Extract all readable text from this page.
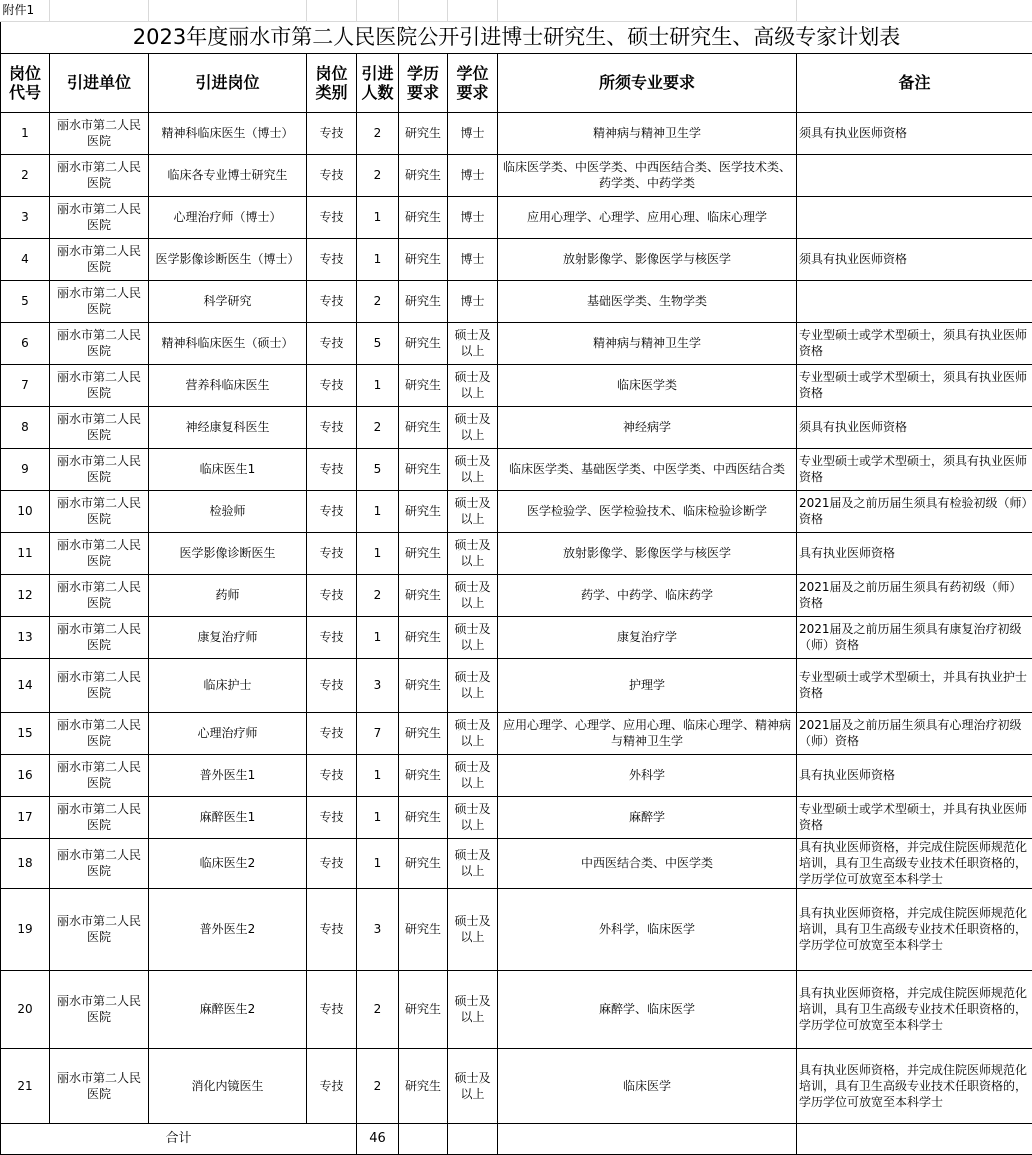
附件1								
2023年度丽水市第二人民医院公开引进博士研究生、硕士研究生、高级专家计划表								
岗位代号	引进单位	引进岗位	岗位类别	引进人数	学历要求	学位要求	所须专业要求	备注
1	丽水市第二人民医院	精神科临床医生（博士）	专技	2	研究生	博士	精神病与精神卫生学	须具有执业医师资格
2	丽水市第二人民医院	临床各专业博士研究生	专技	2	研究生	博士	临床医学类、中医学类、中西医结合类、医学技术类、药学类、中药学类	
3	丽水市第二人民医院	心理治疗师（博士）	专技	1	研究生	博士	应用心理学、心理学、应用心理、临床心理学	
4	丽水市第二人民医院	医学影像诊断医生（博士）	专技	1	研究生	博士	放射影像学、影像医学与核医学	须具有执业医师资格
5	丽水市第二人民医院	科学研究	专技	2	研究生	博士	基础医学类、生物学类	
6	丽水市第二人民医院	精神科临床医生（硕士）	专技	5	研究生	硕士及以上	精神病与精神卫生学	专业型硕士或学术型硕士，须具有执业医师资格
7	丽水市第二人民医院	营养科临床医生	专技	1	研究生	硕士及以上	临床医学类	专业型硕士或学术型硕士，须具有执业医师资格
8	丽水市第二人民医院	神经康复科医生	专技	2	研究生	硕士及以上	神经病学	须具有执业医师资格
9	丽水市第二人民医院	临床医生1	专技	5	研究生	硕士及以上	临床医学类、基础医学类、中医学类、中西医结合类	专业型硕士或学术型硕士，须具有执业医师资格
10	丽水市第二人民医院	检验师	专技	1	研究生	硕士及以上	医学检验学、医学检验技术、临床检验诊断学	2021届及之前历届生须具有检验初级（师）资格
11	丽水市第二人民医院	医学影像诊断医生	专技	1	研究生	硕士及以上	放射影像学、影像医学与核医学	具有执业医师资格
12	丽水市第二人民医院	药师	专技	2	研究生	硕士及以上	药学、中药学、临床药学	2021届及之前历届生须具有药初级（师）资格
13	丽水市第二人民医院	康复治疗师	专技	1	研究生	硕士及以上	康复治疗学	2021届及之前历届生须具有康复治疗初级（师）资格
14	丽水市第二人民医院	临床护士	专技	3	研究生	硕士及以上	护理学	专业型硕士或学术型硕士，并具有执业护士资格
15	丽水市第二人民医院	心理治疗师	专技	7	研究生	硕士及以上	应用心理学、心理学、应用心理、临床心理学、精神病与精神卫生学	2021届及之前历届生须具有心理治疗初级（师）资格
16	丽水市第二人民医院	普外医生1	专技	1	研究生	硕士及以上	外科学	具有执业医师资格
17	丽水市第二人民医院	麻醉医生1	专技	1	研究生	硕士及以上	麻醉学	专业型硕士或学术型硕士，并具有执业医师资格
18	丽水市第二人民医院	临床医生2	专技	1	研究生	硕士及以上	中西医结合类、中医学类	具有执业医师资格，并完成住院医师规范化培训，具有卫生高级专业技术任职资格的，学历学位可放宽至本科学士
19	丽水市第二人民医院	普外医生2	专技	3	研究生	硕士及以上	外科学，临床医学	具有执业医师资格，并完成住院医师规范化培训，具有卫生高级专业技术任职资格的，学历学位可放宽至本科学士
20	丽水市第二人民医院	麻醉医生2	专技	2	研究生	硕士及以上	麻醉学、临床医学	具有执业医师资格，并完成住院医师规范化培训，具有卫生高级专业技术任职资格的，学历学位可放宽至本科学士
21	丽水市第二人民医院	消化内镜医生	专技	2	研究生	硕士及以上	临床医学	具有执业医师资格，并完成住院医师规范化培训，具有卫生高级专业技术任职资格的，学历学位可放宽至本科学士
合计				46				
